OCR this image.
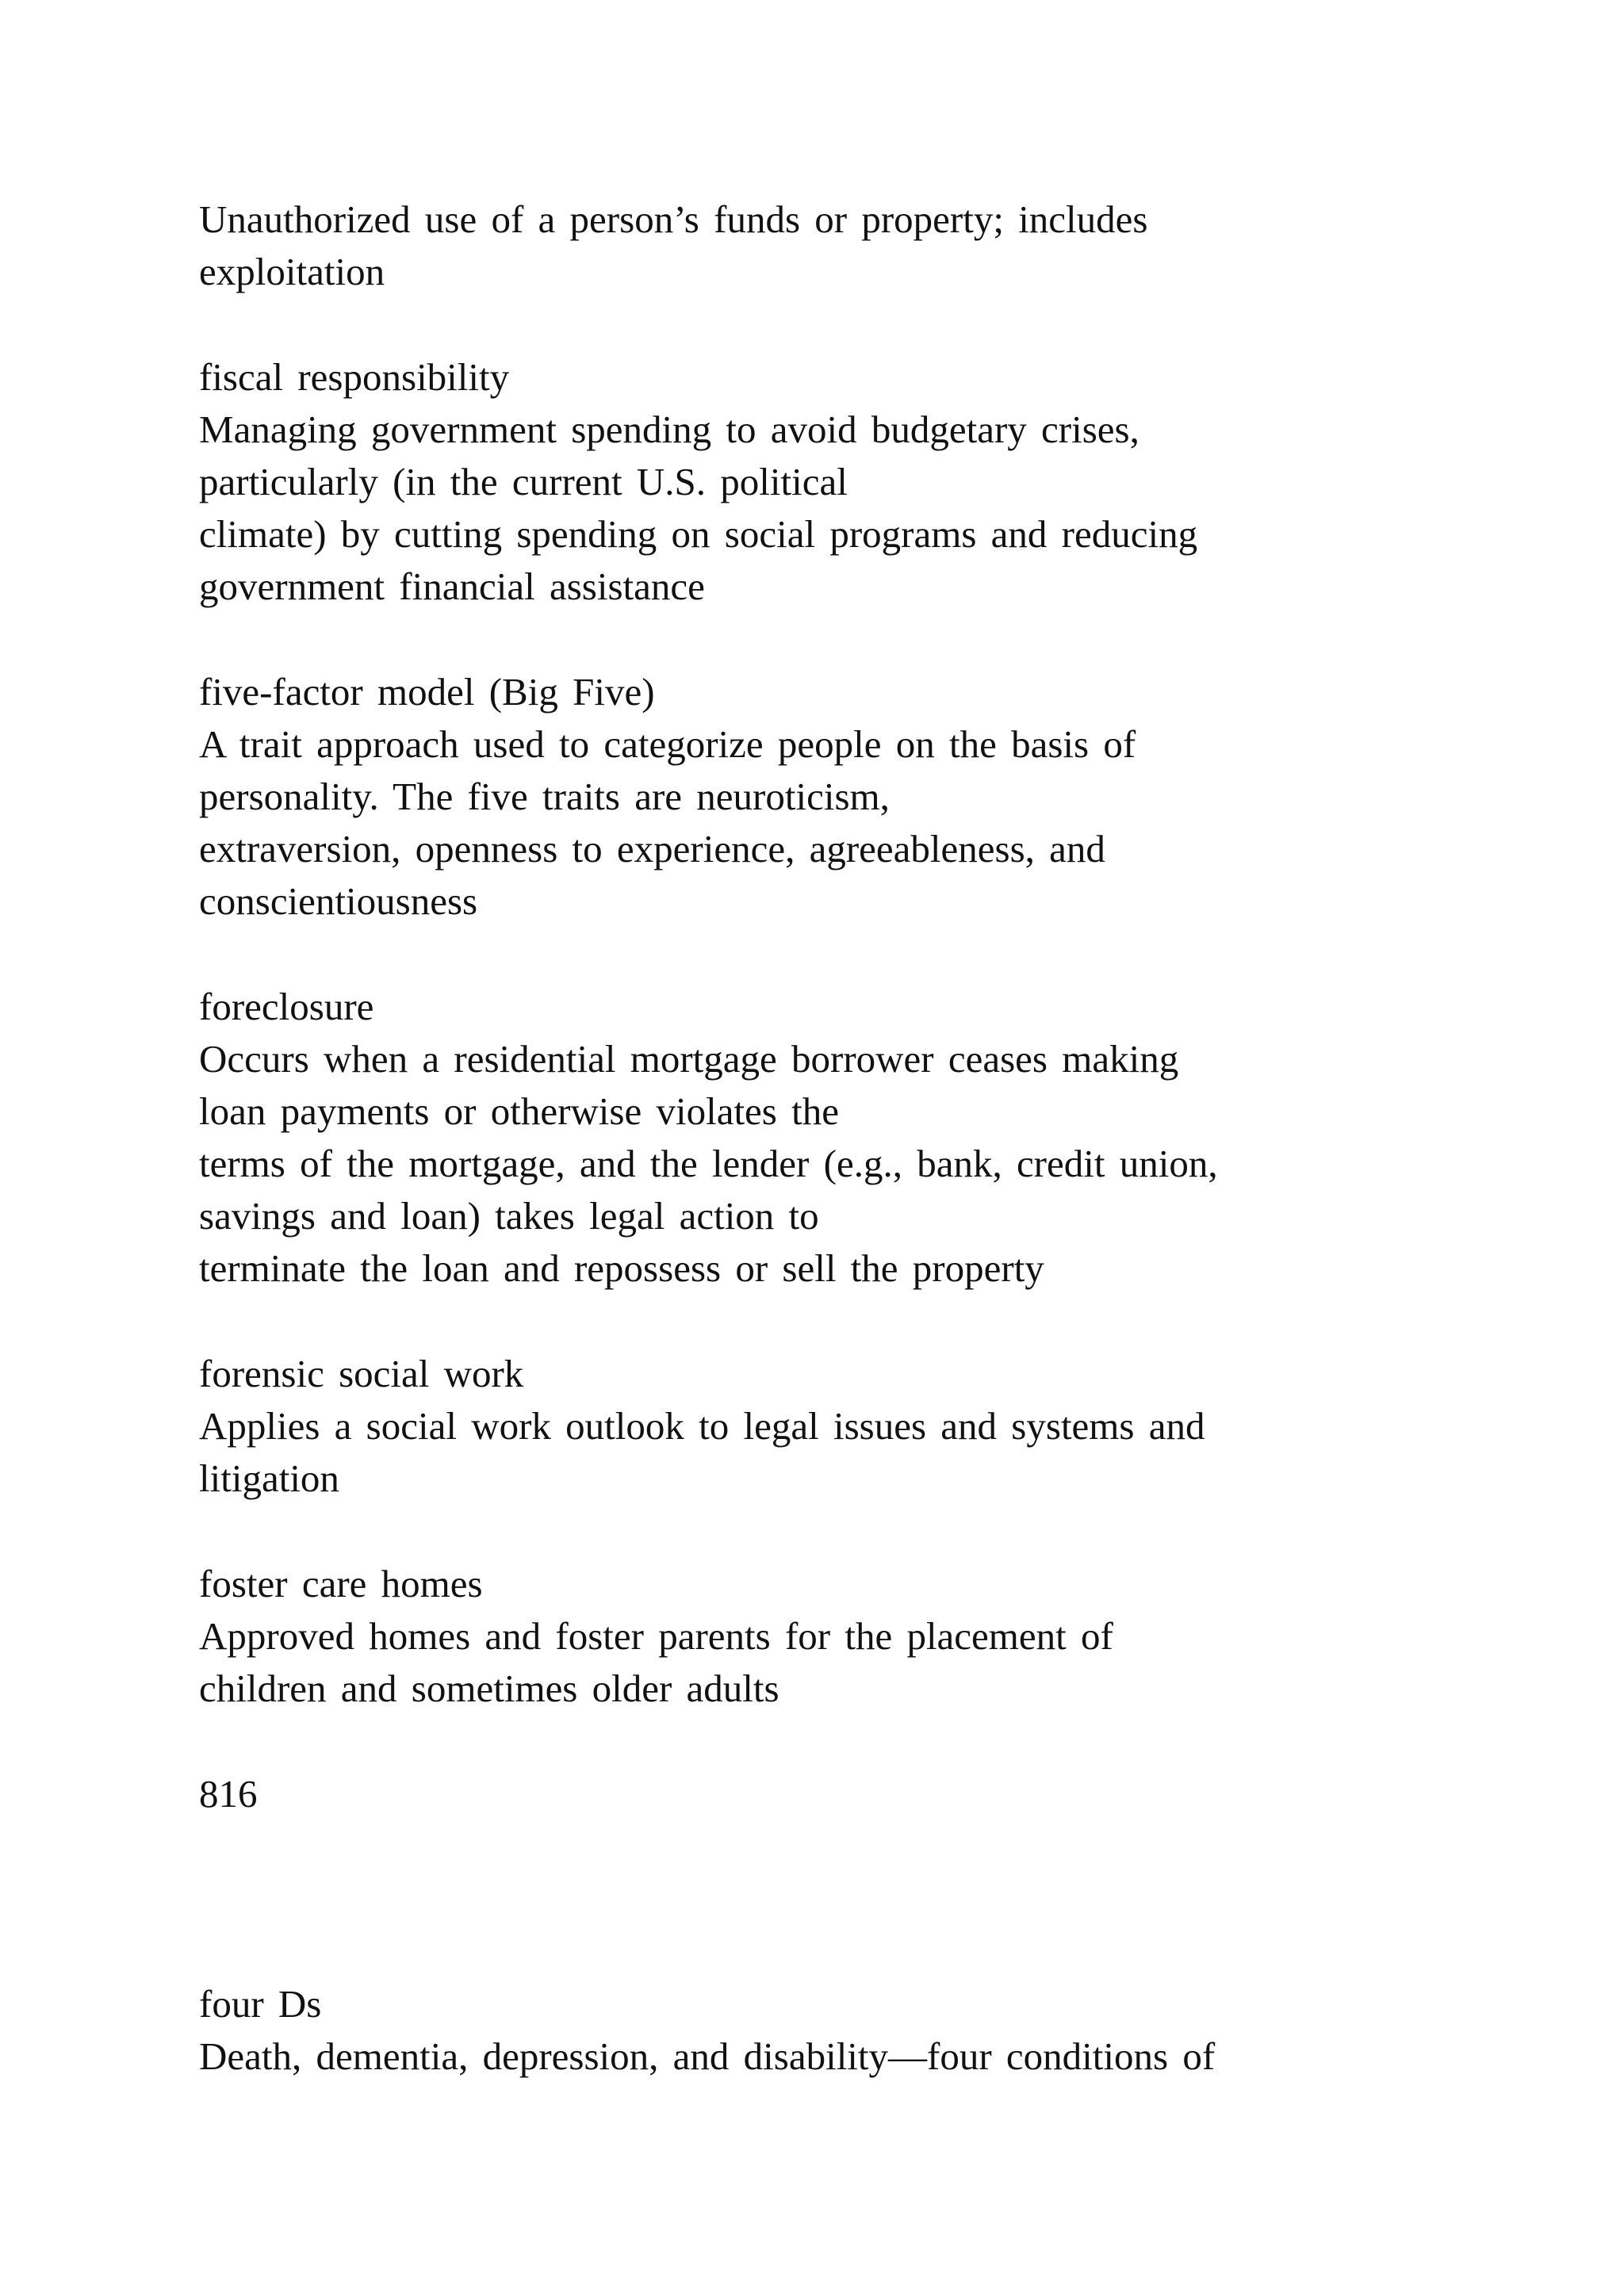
Unauthorized use of a person’s funds or property; includes
exploitation
fiscal responsibility
Managing government spending to avoid budgetary crises,
particularly (in the current U.S. political
climate) by cutting spending on social programs and reducing
government financial assistance
five-factor model (Big Five)
A trait approach used to categorize people on the basis of
personality. The five traits are neuroticism,
extraversion, openness to experience, agreeableness, and
conscientiousness
foreclosure
Occurs when a residential mortgage borrower ceases making
loan payments or otherwise violates the
terms of the mortgage, and the lender (e.g., bank, credit union,
savings and loan) takes legal action to
terminate the loan and repossess or sell the property
forensic social work
Applies a social work outlook to legal issues and systems and
litigation
foster care homes
Approved homes and foster parents for the placement of
children and sometimes older adults
816
four Ds
Death, dementia, depression, and disability—four conditions of
